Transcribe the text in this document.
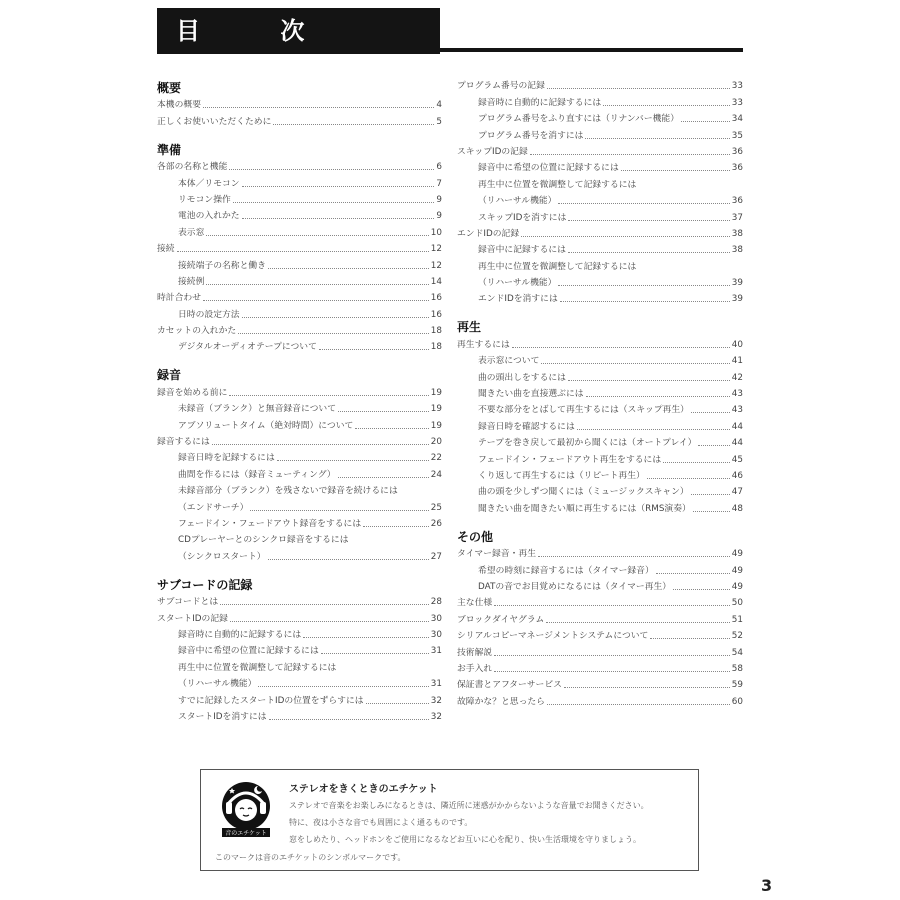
目 次
概要
本機の概要	4
正しくお使いいただくために	5
準備
各部の名称と機能	6
本体／リモコン	7
リモコン操作	9
電池の入れかた	9
表示窓	10
接続	12
接続端子の名称と働き	12
接続例	14
時計合わせ	16
日時の設定方法	16
カセットの入れかた	18
デジタルオーディオテープについて	18
録音
録音を始める前に	19
未録音（ブランク）と無音録音について	19
アブソリュートタイム（絶対時間）について	19
録音するには	20
録音日時を記録するには	22
曲間を作るには（録音ミューティング）	24
未録音部分（ブランク）を残さないで録音を続けるには
（エンドサーチ）	25
フェードイン・フェードアウト録音をするには	26
CDプレーヤーとのシンクロ録音をするには
（シンクロスタート）	27
サブコードの記録
サブコードとは	28
スタートIDの記録	30
録音時に自動的に記録するには	30
録音中に希望の位置に記録するには	31
再生中に位置を微調整して記録するには
（リハーサル機能）	31
すでに記録したスタートIDの位置をずらすには	32
スタートIDを消すには	32
プログラム番号の記録	33
録音時に自動的に記録するには	33
プログラム番号をふり直すには（リナンバー機能）	34
プログラム番号を消すには	35
スキップIDの記録	36
録音中に希望の位置に記録するには	36
再生中に位置を微調整して記録するには
（リハーサル機能）	36
スキップIDを消すには	37
エンドIDの記録	38
録音中に記録するには	38
再生中に位置を微調整して記録するには
（リハーサル機能）	39
エンドIDを消すには	39
再生
再生するには	40
表示窓について	41
曲の頭出しをするには	42
聞きたい曲を直接選ぶには	43
不要な部分をとばして再生するには（スキップ再生）	43
録音日時を確認するには	44
テープを巻き戻して最初から聞くには（オートプレイ）	44
フェードイン・フェードアウト再生をするには	45
くり返して再生するには（リピート再生）	46
曲の頭を少しずつ聞くには（ミュージックスキャン）	47
聞きたい曲を聞きたい順に再生するには（RMS演奏）	48
その他
タイマー録音・再生	49
希望の時刻に録音するには（タイマー録音）	49
DATの音でお目覚めになるには（タイマー再生）	49
主な仕様	50
ブロックダイヤグラム	51
シリアルコピーマネージメントシステムについて	52
技術解説	54
お手入れ	58
保証書とアフターサービス	59
故障かな？と思ったら	60
音のエチケット
ステレオをきくときのエチケット
ステレオで音楽をお楽しみになるときは、隣近所に迷惑がかからないような音量でお聞きください。
特に、夜は小さな音でも周囲によく通るものです。
窓をしめたり、ヘッドホンをご使用になるなどお互いに心を配り、快い生活環境を守りましょう。
このマークは音のエチケットのシンボルマークです。
3
